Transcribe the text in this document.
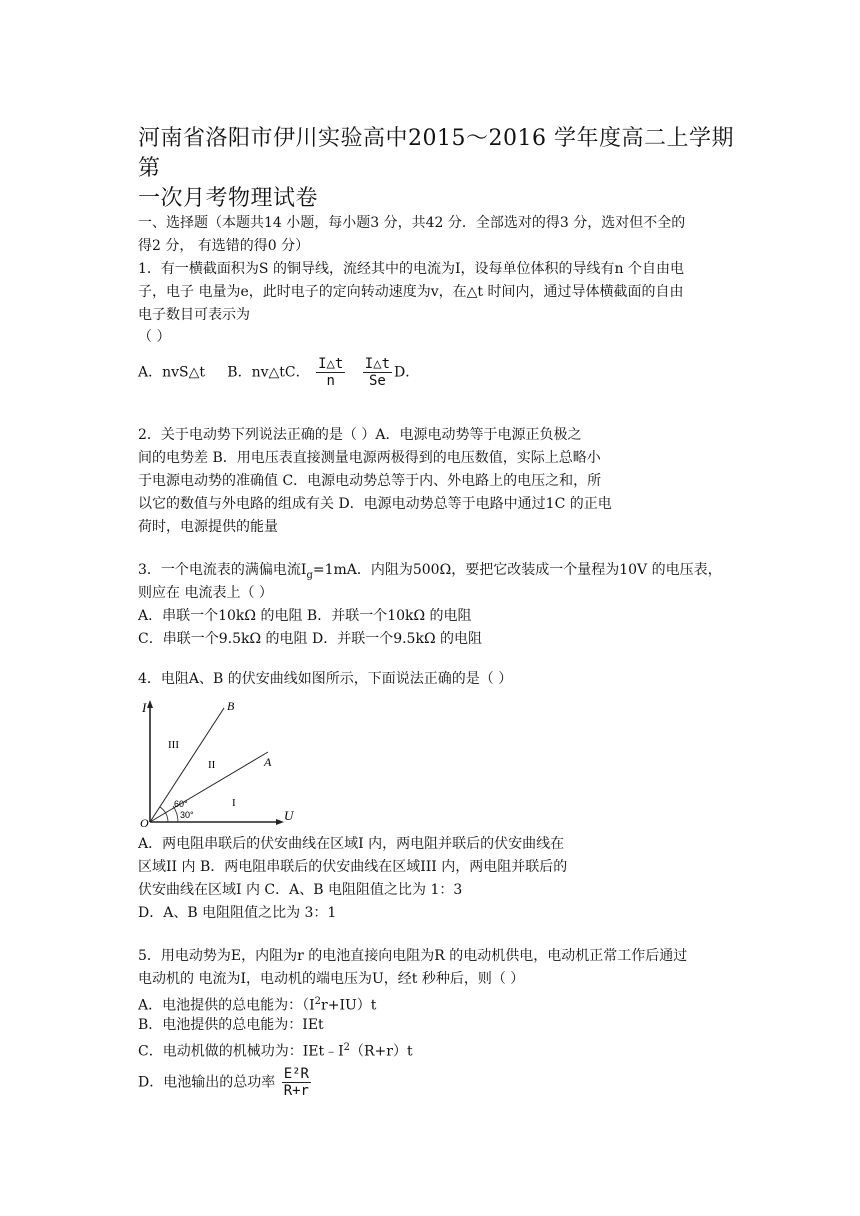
河南省洛阳市伊川实验高中2015～2016 学年度高二上学期第
一次月考物理试卷
一、选择题（本题共14 小题，每小题3 分，共42 分．全部选对的得3 分，选对但不全的
得2 分， 有选错的得0 分）
1．有一横截面积为S 的铜导线，流经其中的电流为I，设每单位体积的导线有n 个自由电
子，电子 电量为e，此时电子的定向转动速度为v，在△t 时间内，通过导体横截面的自由
电子数目可表示为
（ ）
A．nvS△t B．nv△tC． $\frac{I\triangle t}{n}$
$\frac{I\triangle t}{Se}$ D．
2．关于电动势下列说法正确的是（ ）A．电源电动势等于电源正负极之
间的电势差 B．用电压表直接测量电源两极得到的电压数值，实际上总略小
于电源电动势的准确值 C．电源电动势总等于内、外电路上的电压之和，所
以它的数值与外电路的组成有关 D．电源电动势总等于电路中通过1C 的正电
荷时，电源提供的能量
3．一个电流表的满偏电流$I_g=1mA$．内阻为500Ω，要把它改装成一个量程为10V 的电压表，
则应在 电流表上（ ）
A．串联一个10kΩ 的电阻 B．并联一个10kΩ 的电阻
C．串联一个9.5kΩ 的电阻 D．并联一个9.5kΩ 的电阻
4．电阻A、B 的伏安曲线如图所示，下面说法正确的是（ ）
I
U
O
B
A
III
II
I
60°
30°
A．两电阻串联后的伏安曲线在区域I 内，两电阻并联后的伏安曲线在
区域II 内 B．两电阻串联后的伏安曲线在区域III 内，两电阻并联后的
伏安曲线在区域I 内 C．A、B 电阻阻值之比为 1：3
D．A、B 电阻阻值之比为 3：1
5．用电动势为E，内阻为r 的电池直接向电阻为R 的电动机供电，电动机正常工作后通过
电动机的 电流为I，电动机的端电压为U，经t 秒种后，则（ ）
A．电池提供的总电能为：$(I^2r+IU)t$
B．电池提供的总电能为：IEt
C．电动机做的机械功为：$IEt﹣I^2(R+r)t$
D．电池输出的总功率 $\frac{\text{E²R}}{R+r}$
